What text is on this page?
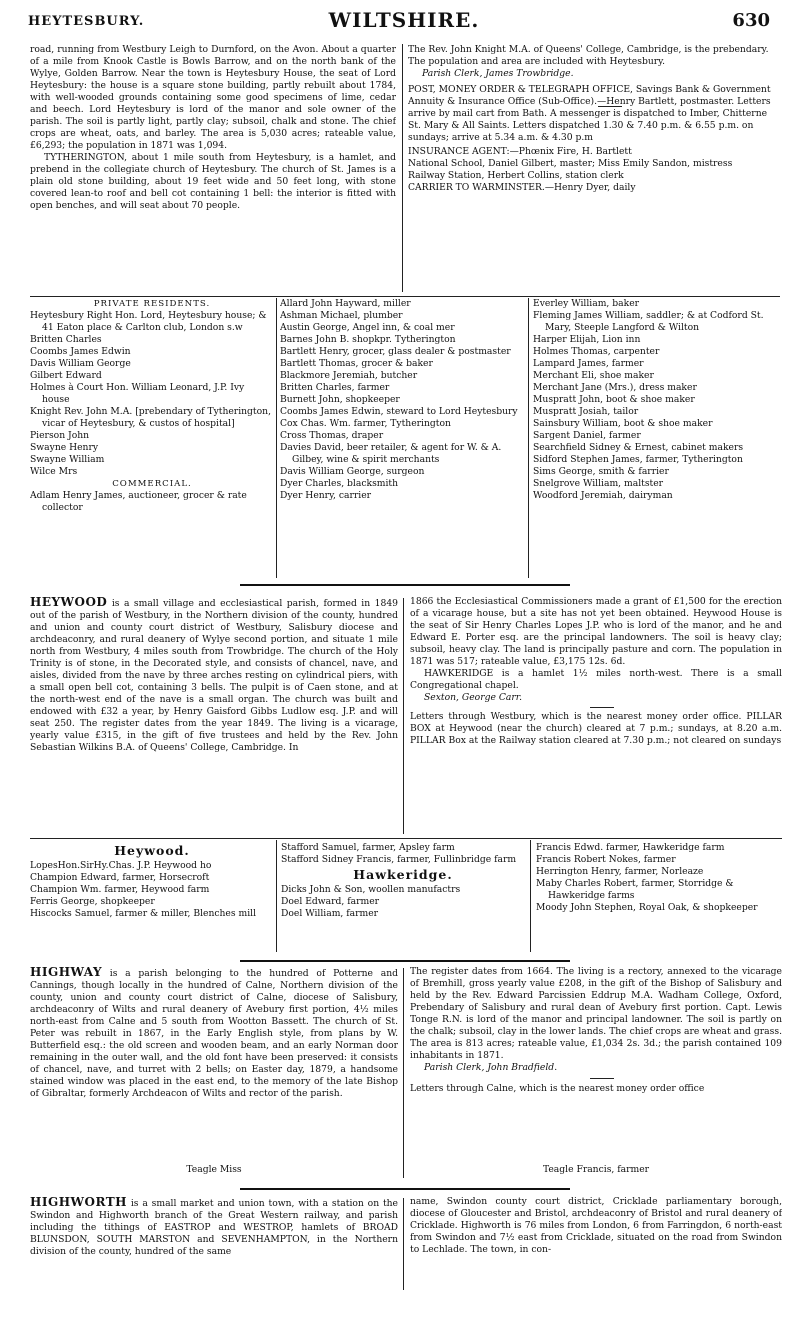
HEYTESBURY.	WILTSHIRE.	630

road, running from Westbury Leigh to Durnford, on the Avon. About a quarter of a mile from Knook Castle is Bowls Barrow, and on the north bank of the Wylye, Golden Barrow. Near the town is Heytesbury House, the seat of Lord Heytesbury: the house is a square stone building, partly rebuilt about 1784, with well-wooded grounds containing some good specimens of lime, cedar and beech. Lord Heytesbury is lord of the manor and sole owner of the parish. The soil is partly light, partly clay; subsoil, chalk and stone. The chief crops are wheat, oats, and barley. The area is 5,030 acres; rateable value, £6,293; the population in 1871 was 1,094.

TYTHERINGTON, about 1 mile south from Heytesbury, is a hamlet, and prebend in the collegiate church of Heytesbury. The church of St. James is a plain old stone building, about 19 feet wide and 50 feet long, with stone covered lean-to roof and bell cot containing 1 bell: the interior is fitted with open benches, and will seat about 70 people.

The Rev. John Knight M.A. of Queens' College, Cambridge, is the prebendary. The population and area are included with Heytesbury.

Parish Clerk, James Trowbridge.

POST, MONEY ORDER & TELEGRAPH OFFICE, Savings Bank & Government Annuity & Insurance Office (Sub-Office).—Henry Bartlett, postmaster. Letters arrive by mail cart from Bath. A messenger is dispatched to Imber, Chitterne St. Mary & All Saints. Letters dispatched 1.30 & 7.40 p.m. & 6.55 p.m. on sundays; arrive at 5.34 a.m. & 4.30 p.m

INSURANCE AGENT:—Phœnix Fire, H. Bartlett

National School, Daniel Gilbert, master; Miss Emily Sandon, mistress

Railway Station, Herbert Collins, station clerk

CARRIER TO WARMINSTER.—Henry Dyer, daily

PRIVATE RESIDENTS.
Heytesbury Right Hon. Lord, Heytesbury house; & 41 Eaton place & Carlton club, London s.w
Britten Charles
Coombs James Edwin
Davis William George
Gilbert Edward
Holmes à Court Hon. William Leonard, J.P. Ivy house
Knight Rev. John M.A. [prebendary of Tytherington, vicar of Heytesbury, & custos of hospital]
Pierson John
Swayne Henry
Swayne William
Wilce Mrs
COMMERCIAL.
Adlam Henry James, auctioneer, grocer & rate collector
Allard John Hayward, miller
Ashman Michael, plumber
Austin George, Angel inn, & coal mer
Barnes John B. shopkpr. Tytherington
Bartlett Henry, grocer, glass dealer & postmaster
Bartlett Thomas, grocer & baker
Blackmore Jeremiah, butcher
Britten Charles, farmer
Burnett John, shopkeeper
Coombs James Edwin, steward to Lord Heytesbury
Cox Chas. Wm. farmer, Tytherington
Cross Thomas, draper
Davies David, beer retailer, & agent for W. & A. Gilbey, wine & spirit merchants
Davis William George, surgeon
Dyer Charles, blacksmith
Dyer Henry, carrier
Everley William, baker
Fleming James William, saddler; & at Codford St. Mary, Steeple Langford & Wilton
Harper Elijah, Lion inn
Holmes Thomas, carpenter
Lampard James, farmer
Merchant Eli, shoe maker
Merchant Jane (Mrs.), dress maker
Muspratt John, boot & shoe maker
Muspratt Josiah, tailor
Sainsbury William, boot & shoe maker
Sargent Daniel, farmer
Searchfield Sidney & Ernest, cabinet makers
Sidford Stephen James, farmer, Tytherington
Sims George, smith & farrier
Snelgrove William, maltster
Woodford Jeremiah, dairyman

HEYWOOD is a small village and ecclesiastical parish, formed in 1849 out of the parish of Westbury, in the Northern division of the county, hundred and union and county court district of Westbury, Salisbury diocese and archdeaconry, and rural deanery of Wylye second portion, and situate 1 mile north from Westbury, 4 miles south from Trowbridge. The church of the Holy Trinity is of stone, in the Decorated style, and consists of chancel, nave, and aisles, divided from the nave by three arches resting on cylindrical piers, with a small open bell cot, containing 3 bells. The pulpit is of Caen stone, and at the north-west end of the nave is a small organ. The church was built and endowed with £32 a year, by Henry Gaisford Gibbs Ludlow esq. J.P. and will seat 250. The register dates from the year 1849. The living is a vicarage, yearly value £315, in the gift of five trustees and held by the Rev. John Sebastian Wilkins B.A. of Queens' College, Cambridge. In

1866 the Ecclesiastical Commissioners made a grant of £1,500 for the erection of a vicarage house, but a site has not yet been obtained. Heywood House is the seat of Sir Henry Charles Lopes J.P. who is lord of the manor, and he and Edward E. Porter esq. are the principal landowners. The soil is heavy clay; subsoil, heavy clay. The land is principally pasture and corn. The population in 1871 was 517; rateable value, £3,175 12s. 6d.

HAWKERIDGE is a hamlet 1½ miles north-west. There is a small Congregational chapel.

Sexton, George Carr.

Letters through Westbury, which is the nearest money order office. PILLAR BOX at Heywood (near the church) cleared at 7 p.m.; sundays, at 8.20 a.m. PILLAR Box at the Railway station cleared at 7.30 p.m.; not cleared on sundays

Heywood.
LopesHon.SirHy.Chas. J.P. Heywood ho
Champion Edward, farmer, Horsecroft
Champion Wm. farmer, Heywood farm
Ferris George, shopkeeper
Hiscocks Samuel, farmer & miller, Blenches mill
Stafford Samuel, farmer, Apsley farm
Stafford Sidney Francis, farmer, Fullinbridge farm
Hawkeridge.
Dicks John & Son, woollen manufactrs
Doel Edward, farmer
Doel William, farmer
Francis Edwd. farmer, Hawkeridge farm
Francis Robert Nokes, farmer
Herrington Henry, farmer, Norleaze
Maby Charles Robert, farmer, Storridge & Hawkeridge farms
Moody John Stephen, Royal Oak, & shopkeeper

HIGHWAY is a parish belonging to the hundred of Potterne and Cannings, though locally in the hundred of Calne, Northern division of the county, union and county court district of Calne, diocese of Salisbury, archdeaconry of Wilts and rural deanery of Avebury first portion, 4½ miles north-east from Calne and 5 south from Wootton Bassett. The church of St. Peter was rebuilt in 1867, in the Early English style, from plans by W. Butterfield esq.: the old screen and wooden beam, and an early Norman door remaining in the outer wall, and the old font have been preserved: it consists of chancel, nave, and turret with 2 bells; on Easter day, 1879, a handsome stained window was placed in the east end, to the memory of the late Bishop of Gibraltar, formerly Archdeacon of Wilts and rector of the parish.

The register dates from 1664. The living is a rectory, annexed to the vicarage of Bremhill, gross yearly value £208, in the gift of the Bishop of Salisbury and held by the Rev. Edward Parcissien Eddrup M.A. Wadham College, Oxford, Prebendary of Salisbury and rural dean of Avebury first portion. Capt. Lewis Tonge R.N. is lord of the manor and principal landowner. The soil is partly on the chalk; subsoil, clay in the lower lands. The chief crops are wheat and grass. The area is 813 acres; rateable value, £1,034 2s. 3d.; the parish contained 109 inhabitants in 1871.

Parish Clerk, John Bradfield.

Letters through Calne, which is the nearest money order office

Teagle Miss	Teagle Francis, farmer

HIGHWORTH is a small market and union town, with a station on the Swindon and Highworth branch of the Great Western railway, and parish including the tithings of EASTROP and WESTROP, hamlets of BROAD BLUNSDON, SOUTH MARSTON and SEVENHAMPTON, in the Northern division of the county, hundred of the same

name, Swindon county court district, Cricklade parliamentary borough, diocese of Gloucester and Bristol, archdeaconry of Bristol and rural deanery of Cricklade. Highworth is 76 miles from London, 6 from Farringdon, 6 north-east from Swindon and 7½ east from Cricklade, situated on the road from Swindon to Lechlade. The town, in con-
